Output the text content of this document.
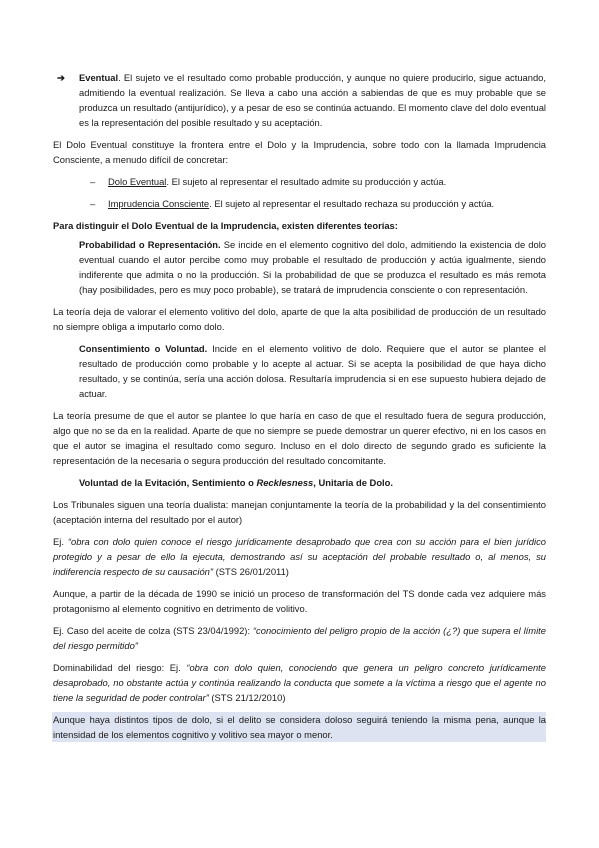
➔ Eventual. El sujeto ve el resultado como probable producción, y aunque no quiere producirlo, sigue actuando, admitiendo la eventual realización. Se lleva a cabo una acción a sabiendas de que es muy probable que se produzca un resultado (antijurídico), y a pesar de eso se continúa actuando. El momento clave del dolo eventual es la representación del posible resultado y su aceptación.

El Dolo Eventual constituye la frontera entre el Dolo y la Imprudencia, sobre todo con la llamada Imprudencia Consciente, a menudo difícil de concretar:

– Dolo Eventual. El sujeto al representar el resultado admite su producción y actúa.

– Imprudencia Consciente. El sujeto al representar el resultado rechaza su producción y actúa.

Para distinguir el Dolo Eventual de la Imprudencia, existen diferentes teorías:

Probabilidad o Representación. Se incide en el elemento cognitivo del dolo, admitiendo la existencia de dolo eventual cuando el autor percibe como muy probable el resultado de producción y actúa igualmente, siendo indiferente que admita o no la producción. Si la probabilidad de que se produzca el resultado es más remota (hay posibilidades, pero es muy poco probable), se tratará de imprudencia consciente o con representación.

La teoría deja de valorar el elemento volitivo del dolo, aparte de que la alta posibilidad de producción de un resultado no siempre obliga a imputarlo como dolo.

Consentimiento o Voluntad. Incide en el elemento volitivo de dolo. Requiere que el autor se plantee el resultado de producción como probable y lo acepte al actuar. Si se acepta la posibilidad de que haya dicho resultado, y se continúa, sería una acción dolosa. Resultaría imprudencia si en ese supuesto hubiera dejado de actuar.

La teoría presume de que el autor se plantee lo que haría en caso de que el resultado fuera de segura producción, algo que no se da en la realidad. Aparte de que no siempre se puede demostrar un querer efectivo, ni en los casos en que el autor se imagina el resultado como seguro. Incluso en el dolo directo de segundo grado es suficiente la representación de la necesaria o segura producción del resultado concomitante.

Voluntad de la Evitación, Sentimiento o Recklesness, Unitaria de Dolo.

Los Tribunales siguen una teoría dualista: manejan conjuntamente la teoría de la probabilidad y la del consentimiento (aceptación interna del resultado por el autor)

Ej. “obra con dolo quien conoce el riesgo jurídicamente desaprobado que crea con su acción para el bien jurídico protegido y a pesar de ello la ejecuta, demostrando así su aceptación del probable resultado o, al menos, su indiferencia respecto de su causación” (STS 26/01/2011)

Aunque, a partir de la década de 1990 se inició un proceso de transformación del TS donde cada vez adquiere más protagonismo al elemento cognitivo en detrimento de volitivo.

Ej. Caso del aceite de colza (STS 23/04/1992): “conocimiento del peligro propio de la acción (¿?) que supera el límite del riesgo permitido”

Dominabilidad del riesgo: Ej. “obra con dolo quien, conociendo que genera un peligro concreto jurídicamente desaprobado, no obstante actúa y continúa realizando la conducta que somete a la víctima a riesgo que el agente no tiene la seguridad de poder controlar” (STS 21/12/2010)

Aunque haya distintos tipos de dolo, si el delito se considera doloso seguirá teniendo la misma pena, aunque la intensidad de los elementos cognitivo y volitivo sea mayor o menor.
